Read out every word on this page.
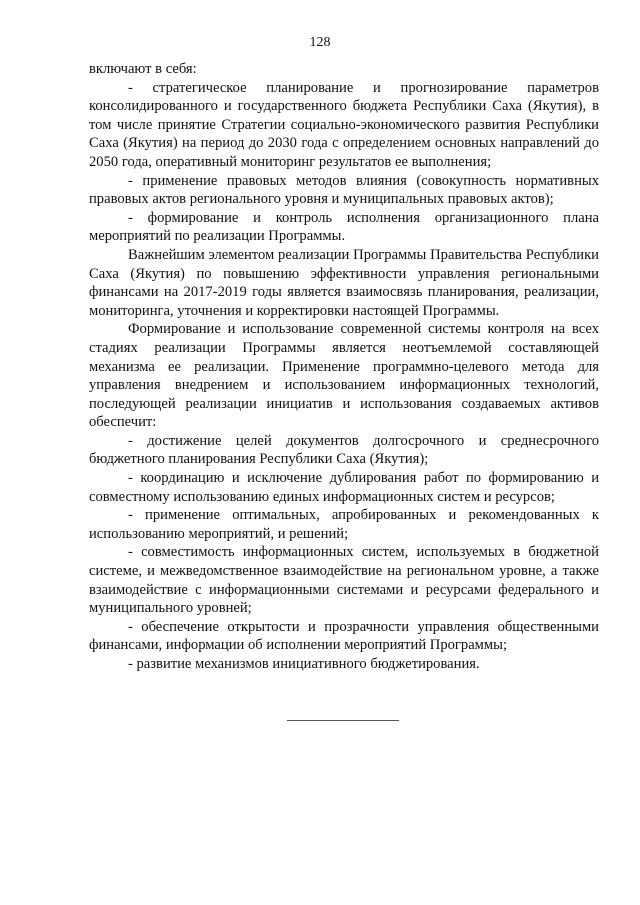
128

включают в себя:

- стратегическое планирование и прогнозирование параметров консолидированного и государственного бюджета Республики Саха (Якутия), в том числе принятие Стратегии социально-экономического развития Республики Саха (Якутия) на период до 2030 года с определением основных направлений до 2050 года, оперативный мониторинг результатов ее выполнения;

- применение правовых методов влияния (совокупность нормативных правовых актов регионального уровня и муниципальных правовых актов);

- формирование и контроль исполнения организационного плана мероприятий по реализации Программы.

Важнейшим элементом реализации Программы Правительства Республики Саха (Якутия) по повышению эффективности управления региональными финансами на 2017-2019 годы является взаимосвязь планирования, реализации, мониторинга, уточнения и корректировки настоящей Программы.

Формирование и использование современной системы контроля на всех стадиях реализации Программы является неотъемлемой составляющей механизма ее реализации. Применение программно-целевого метода для управления внедрением и использованием информационных технологий, последующей реализации инициатив и использования создаваемых активов обеспечит:

- достижение целей документов долгосрочного и среднесрочного бюджетного планирования Республики Саха (Якутия);

- координацию и исключение дублирования работ по формированию и совместному использованию единых информационных систем и ресурсов;

- применение оптимальных, апробированных и рекомендованных к использованию мероприятий, и решений;

- совместимость информационных систем, используемых в бюджетной системе, и межведомственное взаимодействие на региональном уровне, а также взаимодействие с информационными системами и ресурсами федерального и муниципального уровней;

- обеспечение открытости и прозрачности управления общественными финансами, информации об исполнении мероприятий Программы;

- развитие механизмов инициативного бюджетирования.
